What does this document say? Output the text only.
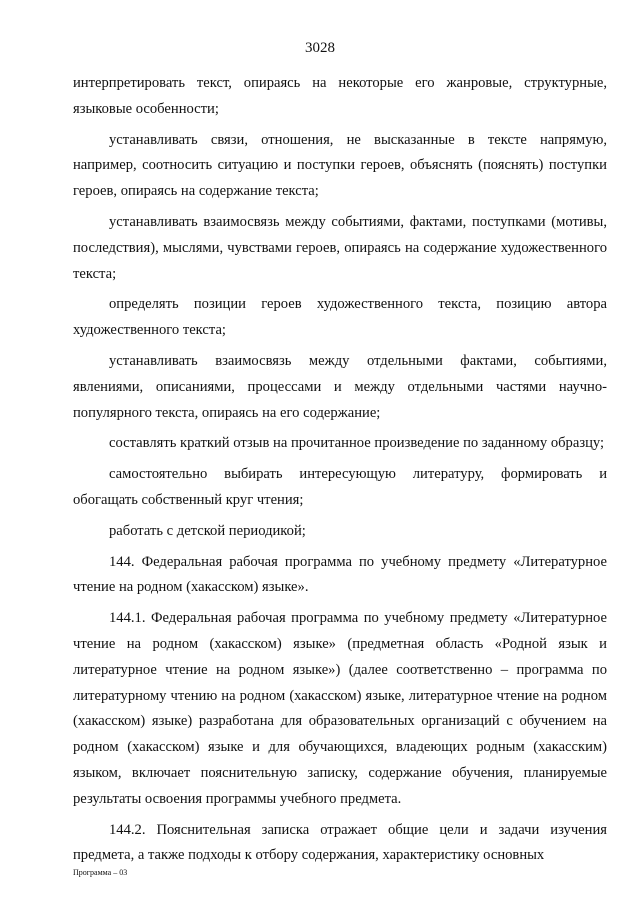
3028

интерпретировать текст, опираясь на некоторые его жанровые, структурные, языковые особенности;

устанавливать связи, отношения, не высказанные в тексте напрямую, например, соотносить ситуацию и поступки героев, объяснять (пояснять) поступки героев, опираясь на содержание текста;

устанавливать взаимосвязь между событиями, фактами, поступками (мотивы, последствия), мыслями, чувствами героев, опираясь на содержание художественного текста;

определять позиции героев художественного текста, позицию автора художественного текста;

устанавливать взаимосвязь между отдельными фактами, событиями, явлениями, описаниями, процессами и между отдельными частями научно-популярного текста, опираясь на его содержание;

составлять краткий отзыв на прочитанное произведение по заданному образцу;

самостоятельно выбирать интересующую литературу, формировать и обогащать собственный круг чтения;

работать с детской периодикой;

144. Федеральная рабочая программа по учебному предмету «Литературное чтение на родном (хакасском) языке».

144.1. Федеральная рабочая программа по учебному предмету «Литературное чтение на родном (хакасском) языке» (предметная область «Родной язык и литературное чтение на родном языке») (далее соответственно – программа по литературному чтению на родном (хакасском) языке, литературное чтение на родном (хакасском) языке) разработана для образовательных организаций с обучением на родном (хакасском) языке и для обучающихся, владеющих родным (хакасским) языком, включает пояснительную записку, содержание обучения, планируемые результаты освоения программы учебного предмета.

144.2. Пояснительная записка отражает общие цели и задачи изучения предмета, а также подходы к отбору содержания, характеристику основных

Программа – 03
